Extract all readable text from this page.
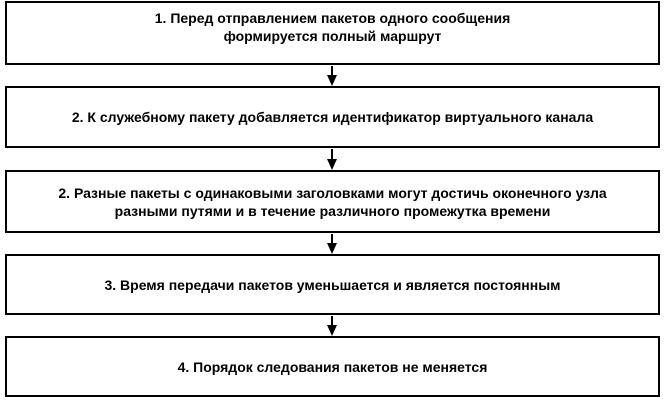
1. Перед отправлением пакетов одного сообщения
формируется полный маршрут
2. К служебному пакету добавляется идентификатор виртуального канала
2. Разные пакеты с одинаковыми заголовками могут достичь оконечного узла
разными путями и в течение различного промежутка времени
3. Время передачи пакетов уменьшается и является постоянным
4. Порядок следования пакетов не меняется
